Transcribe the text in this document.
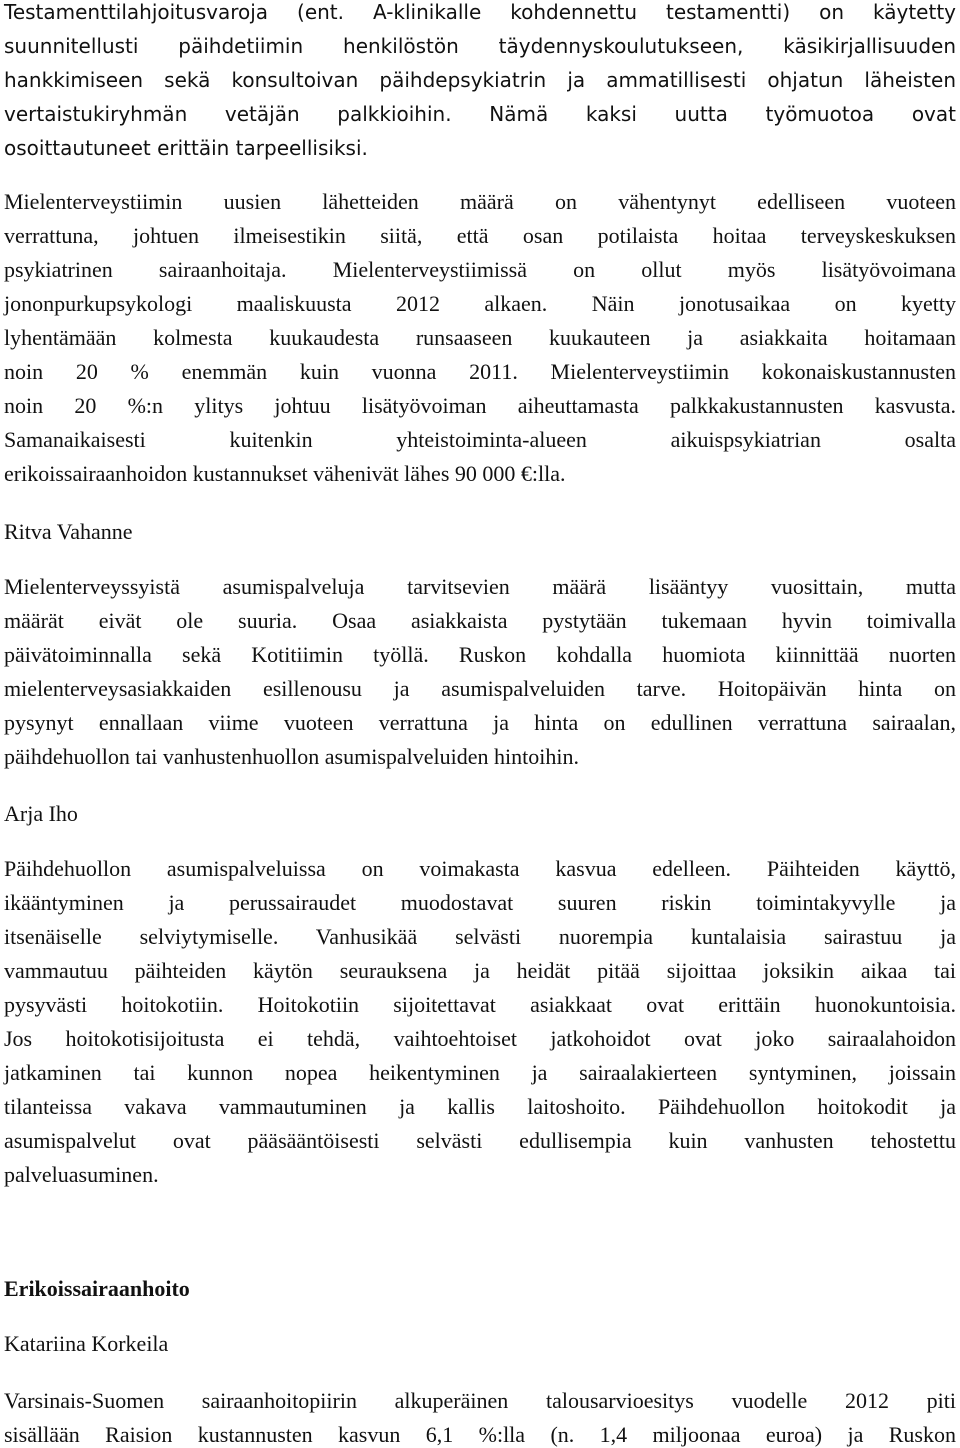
Testamenttilahjoitusvaroja (ent. A-klinikalle kohdennettu testamentti) on käytetty

suunnitellusti päihdetiimin henkilöstön täydennyskoulutukseen, käsikirjallisuuden

hankkimiseen sekä konsultoivan päihdepsykiatrin ja ammatillisesti ohjatun läheisten

vertaistukiryhmän vetäjän palkkioihin. Nämä kaksi uutta työmuotoa ovat

osoittautuneet erittäin tarpeellisiksi.

Mielenterveystiimin uusien lähetteiden määrä on vähentynyt edelliseen vuoteen

verrattuna, johtuen ilmeisestikin siitä, että osan potilaista hoitaa terveyskeskuksen

psykiatrinen sairaanhoitaja. Mielenterveystiimissä on ollut myös lisätyövoimana

jononpurkupsykologi maaliskuusta 2012 alkaen. Näin jonotusaikaa on kyetty

lyhentämään kolmesta kuukaudesta runsaaseen kuukauteen ja asiakkaita hoitamaan

noin 20 % enemmän kuin vuonna 2011. Mielenterveystiimin kokonaiskustannusten

noin 20 %:n ylitys johtuu lisätyövoiman aiheuttamasta palkkakustannusten kasvusta.

Samanaikaisesti kuitenkin yhteistoiminta-alueen aikuispsykiatrian osalta

erikoissairaanhoidon kustannukset vähenivät lähes 90 000 €:lla.

Ritva Vahanne

Mielenterveyssyistä asumispalveluja tarvitsevien määrä lisääntyy vuosittain, mutta

määrät eivät ole suuria. Osaa asiakkaista pystytään tukemaan hyvin toimivalla

päivätoiminnalla sekä Kotitiimin työllä. Ruskon kohdalla huomiota kiinnittää nuorten

mielenterveysasiakkaiden esillenousu ja asumispalveluiden tarve. Hoitopäivän hinta on

pysynyt ennallaan viime vuoteen verrattuna ja hinta on edullinen verrattuna sairaalan,

päihdehuollon tai vanhustenhuollon asumispalveluiden hintoihin.

Arja Iho

Päihdehuollon asumispalveluissa on voimakasta kasvua edelleen. Päihteiden käyttö,

ikääntyminen ja perussairaudet muodostavat suuren riskin toimintakyvylle ja

itsenäiselle selviytymiselle. Vanhusikää selvästi nuorempia kuntalaisia sairastuu ja

vammautuu päihteiden käytön seurauksena ja heidät pitää sijoittaa joksikin aikaa tai

pysyvästi hoitokotiin. Hoitokotiin sijoitettavat asiakkaat ovat erittäin huonokuntoisia.

Jos hoitokotisijoitusta ei tehdä, vaihtoehtoiset jatkohoidot ovat joko sairaalahoidon

jatkaminen tai kunnon nopea heikentyminen ja sairaalakierteen syntyminen, joissain

tilanteissa vakava vammautuminen ja kallis laitoshoito. Päihdehuollon hoitokodit ja

asumispalvelut ovat pääsääntöisesti selvästi edullisempia kuin vanhusten tehostettu

palveluasuminen.

Erikoissairaanhoito

Katariina Korkeila

Varsinais-Suomen sairaanhoitopiirin alkuperäinen talousarvioesitys vuodelle 2012 piti

sisällään Raision kustannusten kasvun 6,1 %:lla (n. 1,4 miljoonaa euroa) ja Ruskon
